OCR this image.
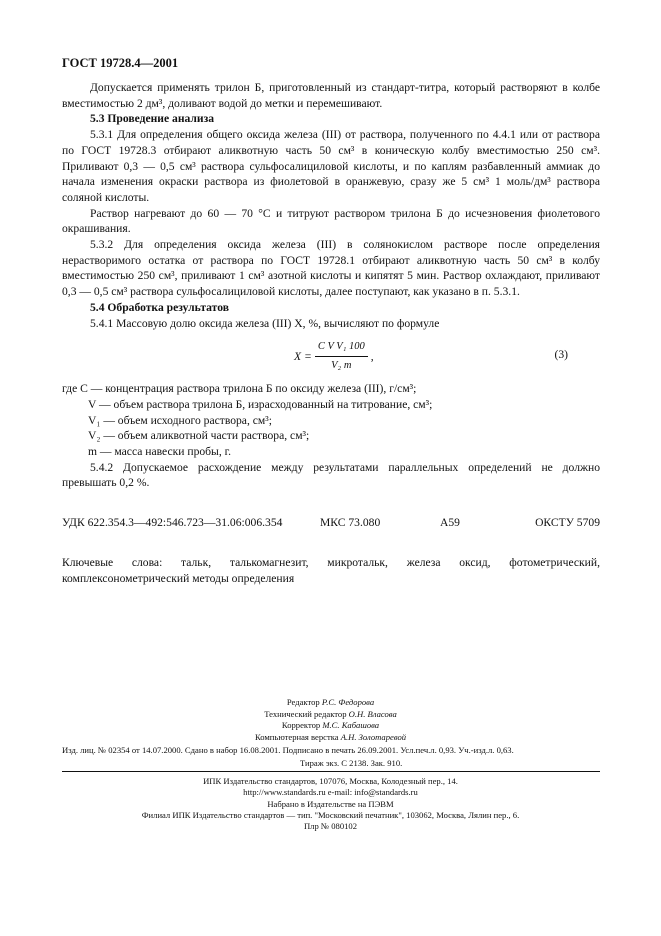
ГОСТ 19728.4—2001

Допускается применять трилон Б, приготовленный из стандарт-титра, который растворяют в колбе вместимостью 2 дм³, доливают водой до метки и перемешивают.

5.3 Проведение анализа

5.3.1 Для определения общего оксида железа (III) от раствора, полученного по 4.4.1 или от раствора по ГОСТ 19728.3 отбирают аликвотную часть 50 см³ в коническую колбу вместимостью 250 см³. Приливают 0,3 — 0,5 см³ раствора сульфосалициловой кислоты, и по каплям разбавленный аммиак до начала изменения окраски раствора из фиолетовой в оранжевую, сразу же 5 см³ 1 моль/дм³ раствора соляной кислоты.

Раствор нагревают до 60 — 70 °С и титруют раствором трилона Б до исчезновения фиолетового окрашивания.

5.3.2 Для определения оксида железа (III) в солянокислом растворе после определения нерастворимого остатка от раствора по ГОСТ 19728.1 отбирают аликвотную часть 50 см³ в колбу вместимостью 250 см³, приливают 1 см³ азотной кислоты и кипятят 5 мин. Раствор охлаждают, приливают 0,3 — 0,5 см³ раствора сульфосалициловой кислоты, далее поступают, как указано в п. 5.3.1.

5.4 Обработка результатов

5.4.1 Массовую долю оксида железа (III) X, %, вычисляют по формуле

$X = \frac{\text{C V V₁ 100}}{\text{V₂ m}}$ ,	(3)

где C — концентрация раствора трилона Б по оксиду железа (III), г/см³;

V — объем раствора трилона Б, израсходованный на титрование, см³;

V₁ — объем исходного раствора, см³;

V₂ — объем аликвотной части раствора, см³;

m — масса навески пробы, г.

5.4.2 Допускаемое расхождение между результатами параллельных определений не должно превышать 0,2 %.

УДК 622.354.3—492:546.723—31.06:006.354	МКС 73.080	А59	ОКСТУ 5709

Ключевые слова: тальк, талькомагнезит, микротальк, железа оксид, фотометрический, комплексонометрический методы определения

Редактор Р.С. Федорова
Технический редактор О.Н. Власова
Корректор М.С. Кабашова
Компьютерная верстка А.Н. Золотаревой
Изд. лиц. № 02354 от 14.07.2000. Сдано в набор 16.08.2001. Подписано в печать 26.09.2001. Усл.печ.л. 0,93. Уч.-изд.л. 0,63.
Тираж экз. С 2138. Зак. 910.
ИПК Издательство стандартов, 107076, Москва, Колодезный пер., 14.
http://www.standards.ru e-mail: info@standards.ru
Набрано в Издательстве на ПЭВМ
Филиал ИПК Издательство стандартов — тип. "Московский печатник", 103062, Москва, Лялин пер., 6.
Плр № 080102
